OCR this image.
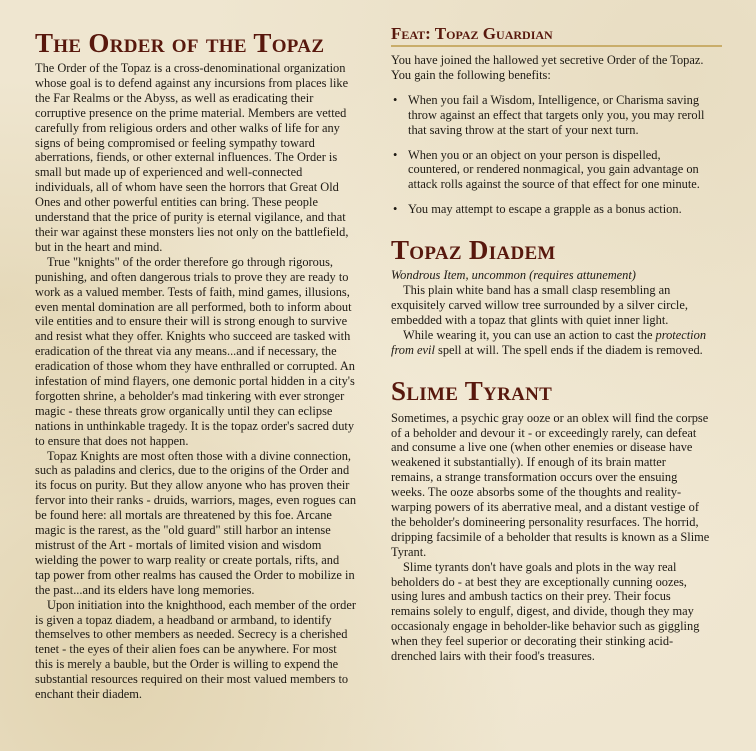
The Order of the Topaz

The Order of the Topaz is a cross-denominational organization whose goal is to defend against any incursions from places like the Far Realms or the Abyss, as well as eradicating their corruptive presence on the prime material. Members are vetted carefully from religious orders and other walks of life for any signs of being compromised or feeling sympathy toward aberrations, fiends, or other external influences. The Order is small but made up of experienced and well-connected individuals, all of whom have seen the horrors that Great Old Ones and other powerful entities can bring. These people understand that the price of purity is eternal vigilance, and that their war against these monsters lies not only on the battlefield, but in the heart and mind.

True "knights" of the order therefore go through rigorous, punishing, and often dangerous trials to prove they are ready to work as a valued member. Tests of faith, mind games, illusions, even mental domination are all performed, both to inform about vile entities and to ensure their will is strong enough to survive and resist what they offer. Knights who succeed are tasked with eradication of the threat via any means...and if necessary, the eradication of those whom they have enthralled or corrupted. An infestation of mind flayers, one demonic portal hidden in a city's forgotten shrine, a beholder's mad tinkering with ever stronger magic - these threats grow organically until they can eclipse nations in unthinkable tragedy. It is the topaz order's sacred duty to ensure that does not happen.

Topaz Knights are most often those with a divine connection, such as paladins and clerics, due to the origins of the Order and its focus on purity. But they allow anyone who has proven their fervor into their ranks - druids, warriors, mages, even rogues can be found here: all mortals are threatened by this foe. Arcane magic is the rarest, as the "old guard" still harbor an intense mistrust of the Art - mortals of limited vision and wisdom wielding the power to warp reality or create portals, rifts, and tap power from other realms has caused the Order to mobilize in the past...and its elders have long memories.

Upon initiation into the knighthood, each member of the order is given a topaz diadem, a headband or armband, to identify themselves to other members as needed. Secrecy is a cherished tenet - the eyes of their alien foes can be anywhere. For most this is merely a bauble, but the Order is willing to expend the substantial resources required on their most valued members to enchant their diadem.

Feat: Topaz Guardian

You have joined the hallowed yet secretive Order of the Topaz. You gain the following benefits:

• When you fail a Wisdom, Intelligence, or Charisma saving throw against an effect that targets only you, you may reroll that saving throw at the start of your next turn.
• When you or an object on your person is dispelled, countered, or rendered nonmagical, you gain advantage on attack rolls against the source of that effect for one minute.
• You may attempt to escape a grapple as a bonus action.
Topaz Diadem

Wondrous Item, uncommon (requires attunement)

This plain white band has a small clasp resembling an exquisitely carved willow tree surrounded by a silver circle, embedded with a topaz that glints with quiet inner light.

While wearing it, you can use an action to cast the protection from evil spell at will. The spell ends if the diadem is removed.

Slime Tyrant

Sometimes, a psychic gray ooze or an oblex will find the corpse of a beholder and devour it - or exceedingly rarely, can defeat and consume a live one (when other enemies or disease have weakened it substantially). If enough of its brain matter remains, a strange transformation occurs over the ensuing weeks. The ooze absorbs some of the thoughts and reality-warping powers of its aberrative meal, and a distant vestige of the beholder's domineering personality resurfaces. The horrid, dripping facsimile of a beholder that results is known as a Slime Tyrant.

Slime tyrants don't have goals and plots in the way real beholders do - at best they are exceptionally cunning oozes, using lures and ambush tactics on their prey. Their focus remains solely to engulf, digest, and divide, though they may occasionaly engage in beholder-like behavior such as giggling when they feel superior or decorating their stinking acid-drenched lairs with their food's treasures.
